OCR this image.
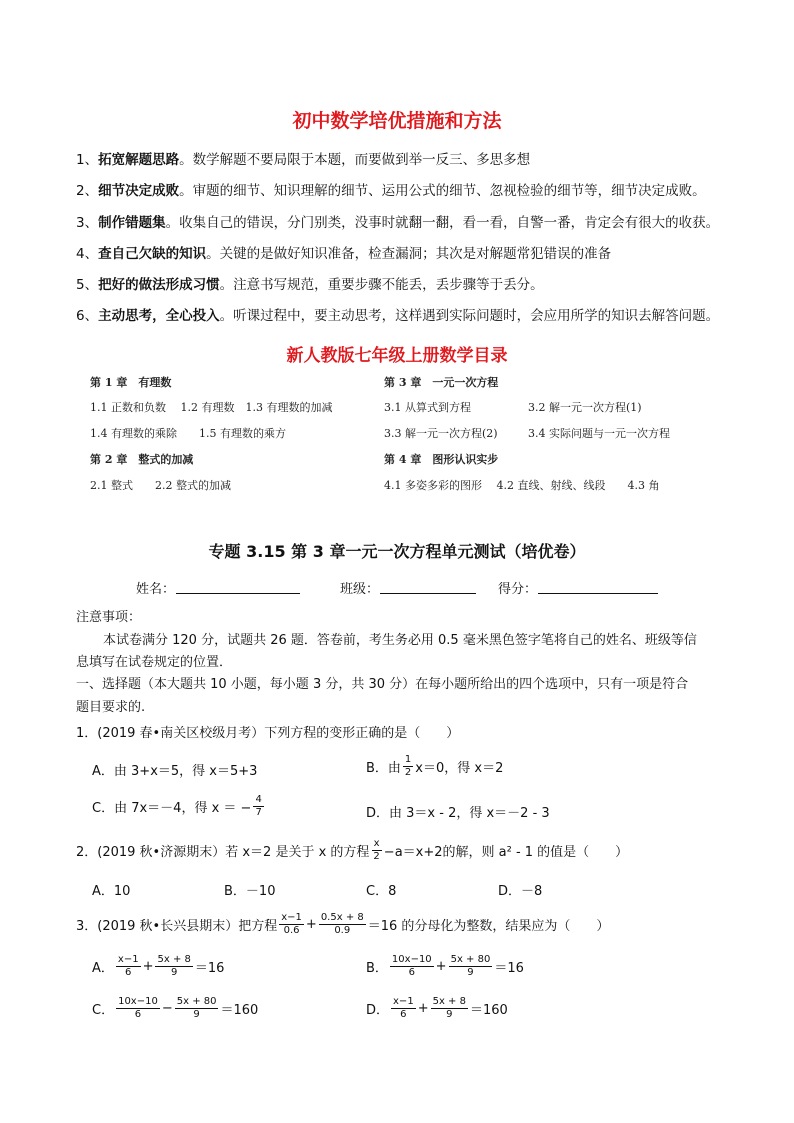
初中数学培优措施和方法
1、拓宽解题思路。数学解题不要局限于本题，而要做到举一反三、多思多想
2、细节决定成败。审题的细节、知识理解的细节、运用公式的细节、忽视检验的细节等，细节决定成败。
3、制作错题集。收集自己的错误，分门别类，没事时就翻一翻，看一看，自警一番，肯定会有很大的收获。
4、查自己欠缺的知识。关键的是做好知识准备，检查漏洞；其次是对解题常犯错误的准备
5、把好的做法形成习惯。注意书写规范，重要步骤不能丢，丢步骤等于丢分。
6、主动思考，全心投入。听课过程中，要主动思考，这样遇到实际问题时，会应用所学的知识去解答问题。
新人教版七年级上册数学目录
第 1 章　有理数
1.1 正数和负数　 1.2 有理数　1.3 有理数的加减
1.4 有理数的乘除　　1.5 有理数的乘方
第 2 章　整式的加减
2.1 整式　　2.2 整式的加减
第 3 章　一元一次方程
3.1 从算式到方程	3.2 解一元一次方程(1)
3.3 解一元一次方程(2)	3.4 实际问题与一元一次方程
第 4 章　图形认识实步
4.1 多姿多彩的图形　 4.2 直线、射线、线段　　4.3 角
专题 3.15 第 3 章一元一次方程单元测试（培优卷）
姓名：	班级：	得分：
注意事项：
本试卷满分 120 分，试题共 26 题．答卷前，考生务必用 0.5 毫米黑色签字笔将自己的姓名、班级等信
息填写在试卷规定的位置．
一、选择题（本大题共 10 小题，每小题 3 分，共 30 分）在每小题所给出的四个选项中，只有一项是符合
题目要求的.
1．(2019 春•南关区校级月考）下列方程的变形正确的是（　　）
A．由 3+x＝5，得 x＝5+3	B．由 $\frac{1}{2} x=0$，得 x＝2
C．由 7x＝－4，得 x ＝ − $\frac{4}{7}$	D．由 3＝x - 2，得 x＝－2 - 3
2．(2019 秋•济源期末）若 x＝2 是关于 x 的方程 $\frac{x}{2} -a=x+2$的解，则 a² - 1 的值是（　　）
A．10	B．－10	C．8	D．－8
3．(2019 秋•长兴县期末）把方程 $\frac{x-1}{0.6} + \frac{0.5x + 8}{0.9} =16$ 的分母化为整数，结果应为（　　）
A． $\frac{x-1}{6} + \frac{5x + 8}{9} =16$	B． $\frac{10x-10}{6} + \frac{5x + 80}{9} =16$
C． $\frac{10x-10}{6} - \frac{5x + 80}{9} =160$	D． $\frac{x-1}{6} + \frac{5x + 8}{9} =160$
